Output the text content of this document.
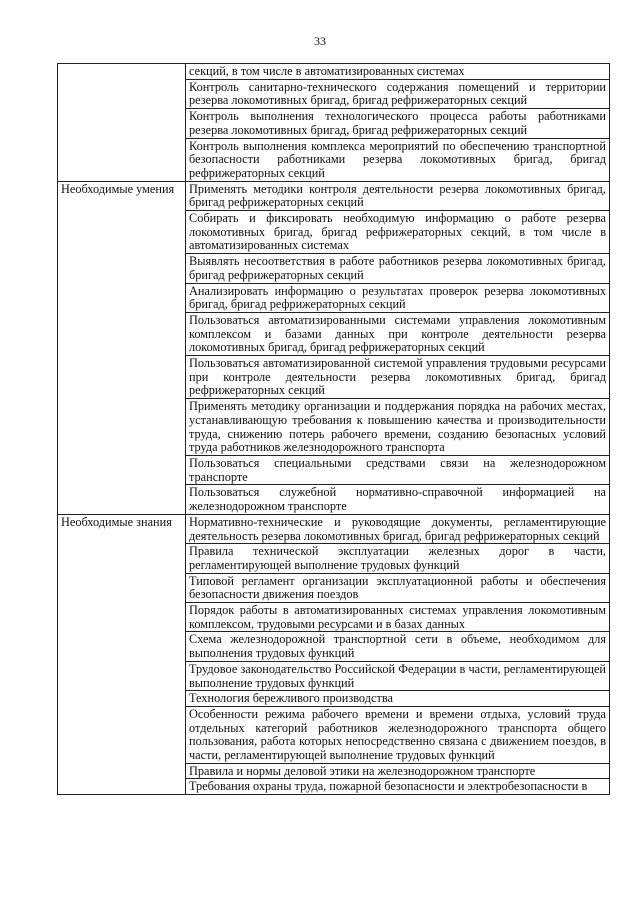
33

	секций, в том числе в автоматизированных системах

	Контроль санитарно-технического содержания помещений и территории резерва локомотивных бригад, бригад рефрижераторных секций

	Контроль выполнения технологического процесса работы работниками резерва локомотивных бригад, бригад рефрижераторных секций

	Контроль выполнения комплекса мероприятий по обеспечению транспортной безопасности работниками резерва локомотивных бригад, бригад рефрижераторных секций

Необходимые умения	Применять методики контроля деятельности резерва локомотивных бригад, бригад рефрижераторных секций

	Собирать и фиксировать необходимую информацию о работе резерва локомотивных бригад, бригад рефрижераторных секций, в том числе в автоматизированных системах

	Выявлять несоответствия в работе работников резерва локомотивных бригад, бригад рефрижераторных секций

	Анализировать информацию о результатах проверок резерва локомотивных бригад, бригад рефрижераторных секций

	Пользоваться автоматизированными системами управления локомотивным комплексом и базами данных при контроле деятельности резерва локомотивных бригад, бригад рефрижераторных секций

	Пользоваться автоматизированной системой управления трудовыми ресурсами при контроле деятельности резерва локомотивных бригад, бригад рефрижераторных секций

	Применять методику организации и поддержания порядка на рабочих местах, устанавливающую требования к повышению качества и производительности труда, снижению потерь рабочего времени, созданию безопасных условий труда работников железнодорожного транспорта

	Пользоваться специальными средствами связи на железнодорожном транспорте

	Пользоваться служебной нормативно-справочной информацией на железнодорожном транспорте

Необходимые знания	Нормативно-технические и руководящие документы, регламентирующие деятельность резерва локомотивных бригад, бригад рефрижераторных секций

	Правила технической эксплуатации железных дорог в части, регламентирующей выполнение трудовых функций

	Типовой регламент организации эксплуатационной работы и обеспечения безопасности движения поездов

	Порядок работы в автоматизированных системах управления локомотивным комплексом, трудовыми ресурсами и в базах данных

	Схема железнодорожной транспортной сети в объеме, необходимом для выполнения трудовых функций

	Трудовое законодательство Российской Федерации в части, регламентирующей выполнение трудовых функций

	Технология бережливого производства

	Особенности режима рабочего времени и времени отдыха, условий труда отдельных категорий работников железнодорожного транспорта общего пользования, работа которых непосредственно связана с движением поездов, в части, регламентирующей выполнение трудовых функций

	Правила и нормы деловой этики на железнодорожном транспорте

	Требования охраны труда, пожарной безопасности и электробезопасности в
